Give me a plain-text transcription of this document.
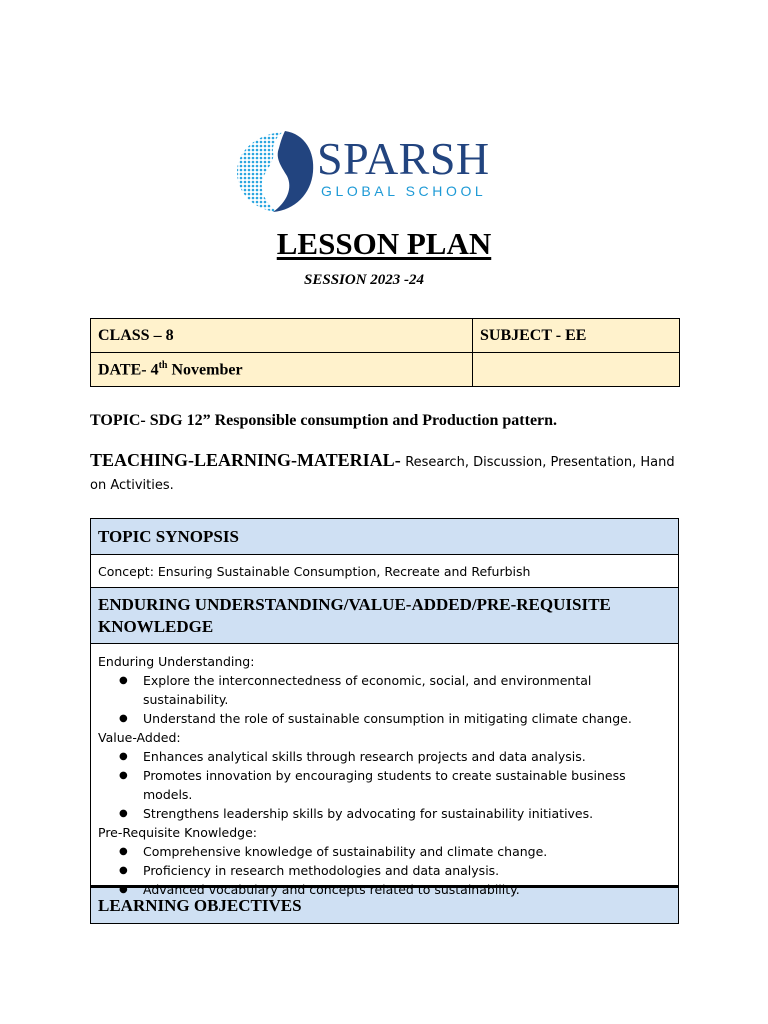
SPARSH
GLOBAL SCHOOL
LESSON PLAN
SESSION 2023 -24
CLASS – 8	SUBJECT - EE
DATE- 4th November	
TOPIC- SDG 12” Responsible consumption and Production pattern.
TEACHING-LEARNING-MATERIAL- Research, Discussion, Presentation, Hand on Activities.
TOPIC SYNOPSIS
Concept: Ensuring Sustainable Consumption, Recreate and Refurbish
ENDURING UNDERSTANDING/VALUE-ADDED/PRE-REQUISITE KNOWLEDGE
Enduring Understanding:
● Explore the interconnectedness of economic, social, and environmental sustainability.
● Understand the role of sustainable consumption in mitigating climate change.
Value-Added:
● Enhances analytical skills through research projects and data analysis.
● Promotes innovation by encouraging students to create sustainable business models.
● Strengthens leadership skills by advocating for sustainability initiatives.
Pre-Requisite Knowledge:
● Comprehensive knowledge of sustainability and climate change.
● Proficiency in research methodologies and data analysis.
● Advanced vocabulary and concepts related to sustainability.
LEARNING OBJECTIVES
